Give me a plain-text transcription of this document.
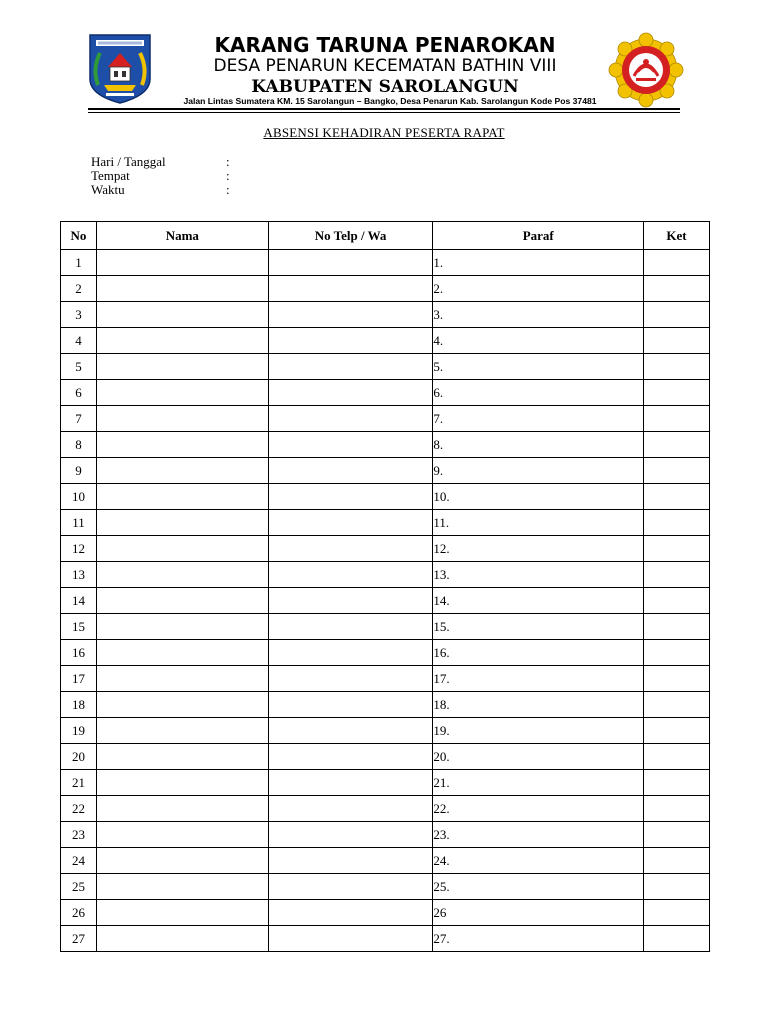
KARANG TARUNA PENAROKAN
DESA PENARUN KECEMATAN BATHIN VIII
KABUPATEN SAROLANGUN
Jalan Lintas Sumatera KM. 15 Sarolangun – Bangko, Desa Penarun Kab. Sarolangun Kode Pos 37481
ABSENSI KEHADIRAN PESERTA RAPAT
Hari / Tanggal	:
Tempat	:
Waktu	:
No	Nama	No Telp / Wa	Paraf	Ket
1			1.	
2			2.	
3			3.	
4			4.	
5			5.	
6			6.	
7			7.	
8			8.	
9			9.	
10			10.	
11			11.	
12			12.	
13			13.	
14			14.	
15			15.	
16			16.	
17			17.	
18			18.	
19			19.	
20			20.	
21			21.	
22			22.	
23			23.	
24			24.	
25			25.	
26			26	
27			27.	
